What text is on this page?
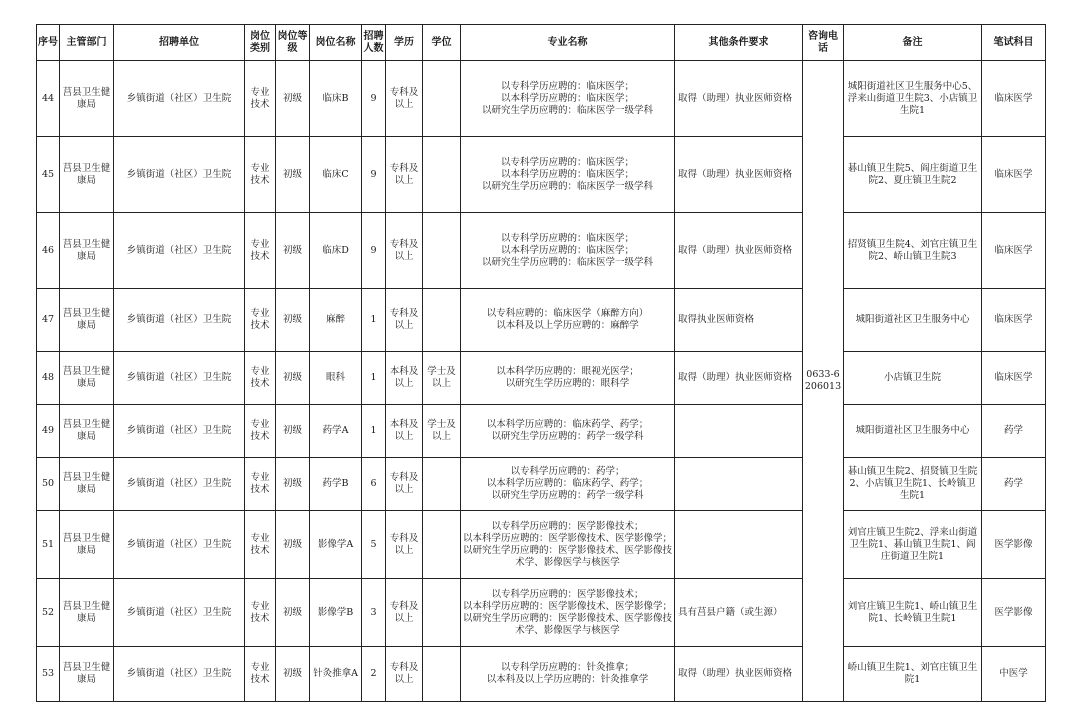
序号	主管部门	招聘单位	岗位类别	岗位等级	岗位名称	招聘人数	学历	学位	专业名称	其他条件要求	咨询电话	备注	笔试科目
44	莒县卫生健康局	乡镇街道（社区）卫生院	专业技术	初级	临床B	9	专科及以上		以专科学历应聘的：临床医学；
以本科学历应聘的：临床医学；
以研究生学历应聘的：临床医学一级学科	取得（助理）执业医师资格	0633-6206013	城阳街道社区卫生服务中心5、浮来山街道卫生院3、小店镇卫生院1	临床医学
45	莒县卫生健康局	乡镇街道（社区）卫生院	专业技术	初级	临床C	9	专科及以上		以专科学历应聘的：临床医学；
以本科学历应聘的：临床医学；
以研究生学历应聘的：临床医学一级学科	取得（助理）执业医师资格		碁山镇卫生院5、阎庄街道卫生院2、夏庄镇卫生院2	临床医学
46	莒县卫生健康局	乡镇街道（社区）卫生院	专业技术	初级	临床D	9	专科及以上		以专科学历应聘的：临床医学；
以本科学历应聘的：临床医学；
以研究生学历应聘的：临床医学一级学科	取得（助理）执业医师资格		招贤镇卫生院4、刘官庄镇卫生院2、峤山镇卫生院3	临床医学
47	莒县卫生健康局	乡镇街道（社区）卫生院	专业技术	初级	麻醉	1	专科及以上		以专科应聘的：临床医学（麻醉方向）
以本科及以上学历应聘的：麻醉学	取得执业医师资格		城阳街道社区卫生服务中心	临床医学
48	莒县卫生健康局	乡镇街道（社区）卫生院	专业技术	初级	眼科	1	本科及以上	学士及以上	以本科学历应聘的：眼视光医学；
以研究生学历应聘的：眼科学	取得（助理）执业医师资格		小店镇卫生院	临床医学
49	莒县卫生健康局	乡镇街道（社区）卫生院	专业技术	初级	药学A	1	本科及以上	学士及以上	以本科学历应聘的：临床药学、药学；
以研究生学历应聘的：药学一级学科			城阳街道社区卫生服务中心	药学
50	莒县卫生健康局	乡镇街道（社区）卫生院	专业技术	初级	药学B	6	专科及以上		以专科学历应聘的：药学；
以本科学历应聘的：临床药学、药学；
以研究生学历应聘的：药学一级学科			碁山镇卫生院2、招贤镇卫生院2、小店镇卫生院1、长岭镇卫生院1	药学
51	莒县卫生健康局	乡镇街道（社区）卫生院	专业技术	初级	影像学A	5	专科及以上		以专科学历应聘的：医学影像技术；
以本科学历应聘的：医学影像技术、医学影像学；
以研究生学历应聘的：医学影像技术、医学影像技术学、影像医学与核医学			刘官庄镇卫生院2、浮来山街道卫生院1、碁山镇卫生院1、阎庄街道卫生院1	医学影像
52	莒县卫生健康局	乡镇街道（社区）卫生院	专业技术	初级	影像学B	3	专科及以上		以专科学历应聘的：医学影像技术；
以本科学历应聘的：医学影像技术、医学影像学；
以研究生学历应聘的：医学影像技术、医学影像技术学、影像医学与核医学	具有莒县户籍（或生源）		刘官庄镇卫生院1、峤山镇卫生院1、长岭镇卫生院1	医学影像
53	莒县卫生健康局	乡镇街道（社区）卫生院	专业技术	初级	针灸推拿A	2	专科及以上		以专科学历应聘的：针灸推拿；
以本科及以上学历应聘的：针灸推拿学	取得（助理）执业医师资格		峤山镇卫生院1、刘官庄镇卫生院1	中医学
